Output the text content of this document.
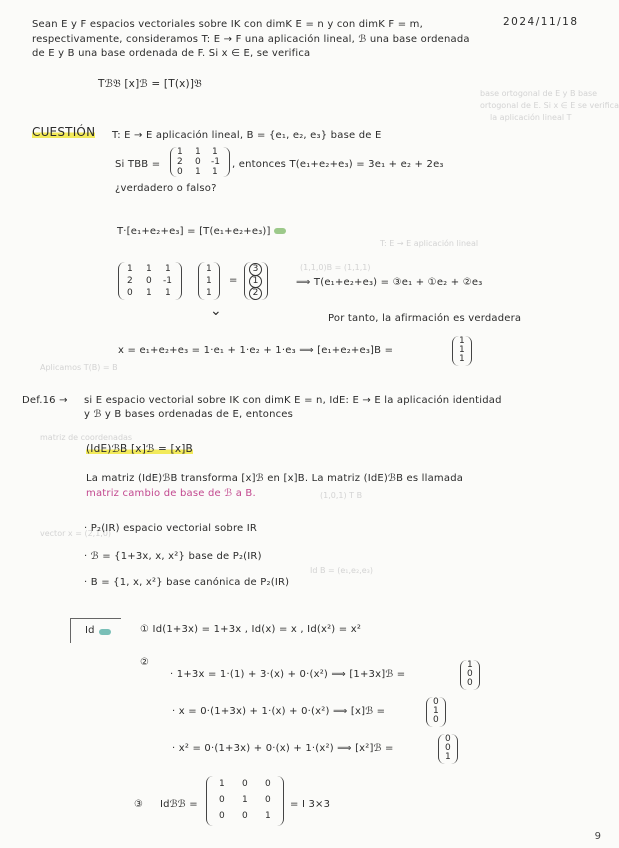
base ortogonal de E y B base
ortogonal de E. Si x ∈ E se verifica
la aplicación lineal T
T: E → E aplicación lineal
(1,1,0)B = (1,1,1)
Aplicamos T(B) = B
matriz de coordenadas
vector x = (2,1,0)
(1,0,1) T B
Id B = (e₁,e₂,e₃)
2024/11/18
Sean E y F espacios vectoriales sobre IK con dimK E = n y con dimK F = m,
respectivamente, consideramos T: E → F una aplicación lineal, ℬ una base ordenada
de E y B una base ordenada de F. Si x ∈ E, se verifica
Tℬ𝔅 [x]ℬ = [T(x)]𝔅
CUESTIÓN T: E → E aplicación lineal, B = {e₁, e₂, e₃} base de E
Si TBB =
1 1 1
2 0 -1
0 1 1
, entonces T(e₁+e₂+e₃) = 3e₁ + e₂ + 2e₃
¿verdadero o falso?
T·[e₁+e₂+e₃] = [T(e₁+e₂+e₃)]
1 1 1
2 0 -1
0 1 1
1
1
1
=
3
1
2
⟹ T(e₁+e₂+e₃) = ③e₁ + ①e₂ + ②e₃
⌄	Por tanto, la afirmación es verdadera
x = e₁+e₂+e₃ = 1·e₁ + 1·e₂ + 1·e₃ ⟹ [e₁+e₂+e₃]B =
1
1
1
Def.16 → si E espacio vectorial sobre IK con dimK E = n, IdE: E → E la aplicación identidad
y ℬ y B bases ordenadas de E, entonces
(IdE)ℬB [x]ℬ = [x]B
La matriz (IdE)ℬB transforma [x]ℬ en [x]B. La matriz (IdE)ℬB es llamada
matriz cambio de base de ℬ a B.
· P₂(IR) espacio vectorial sobre IR
· ℬ = {1+3x, x, x²} base de P₂(IR)
· B = {1, x, x²} base canónica de P₂(IR)
Id	① Id(1+3x) = 1+3x , Id(x) = x , Id(x²) = x²
②
· 1+3x = 1·(1) + 3·(x) + 0·(x²) ⟹ [1+3x]ℬ =
1
0
0
· x = 0·(1+3x) + 1·(x) + 0·(x²) ⟹ [x]ℬ =
0
1
0
· x² = 0·(1+3x) + 0·(x) + 1·(x²) ⟹ [x²]ℬ =
0
0
1
③ Idℬℬ =
1 0 0
0 1 0
0 0 1
= I 3×3
9
